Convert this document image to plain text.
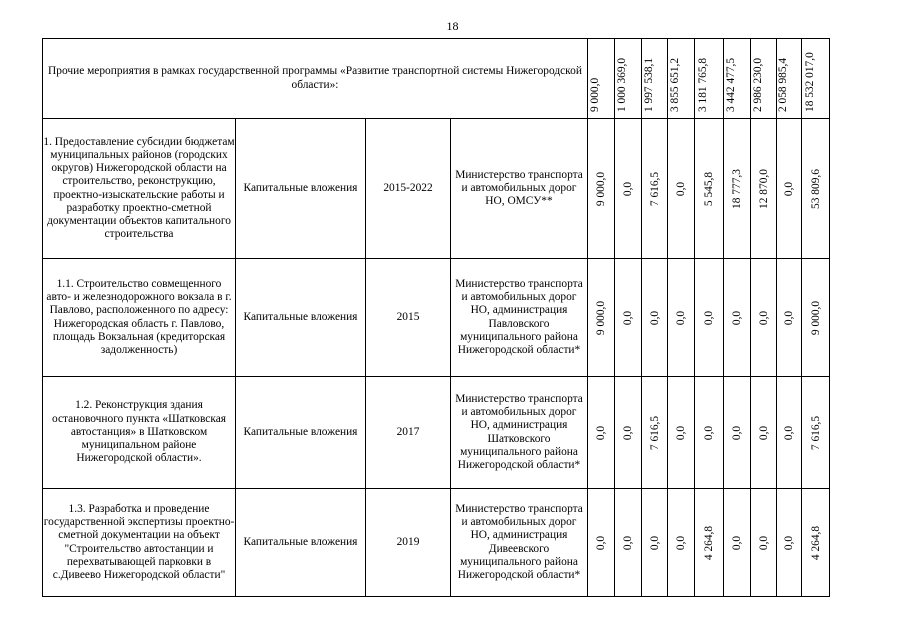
18
Прочие мероприятия в рамках государственной программы «Развитие транспортной системы Нижегородской области»:				9 000,0	1 000 369,0	1 997 538,1	3 855 651,2	3 181 765,8	3 442 477,5	2 986 230,0	2 058 985,4	18 532 017,0

1. Предоставление субсидии бюджетам муниципальных районов (городских округов) Нижегородской области на строительство, реконструкцию, проектно-изыскательские работы и разработку проектно-сметной документации объектов капитального строительства	Капитальные вложения	2015-2022	Министерство транспорта и автомобильных дорог НО, ОМСУ**	9 000,0	0,0	7 616,5	0,0	5 545,8	18 777,3	12 870,0	0,0	53 809,6

1.1. Строительство совмещенного авто- и железнодорожного вокзала в г. Павлово, расположенного по адресу: Нижегородская область г. Павлово, площадь Вокзальная (кредиторская задолженность)	Капитальные вложения	2015	Министерство транспорта и автомобильных дорог НО, администрация Павловского муниципального района Нижегородской области*	9 000,0	0,0	0,0	0,0	0,0	0,0	0,0	0,0	9 000,0

1.2. Реконструкция здания остановочного пункта «Шатковская автостанция» в Шатковском муниципальном районе Нижегородской области».	Капитальные вложения	2017	Министерство транспорта и автомобильных дорог НО, администрация Шатковского муниципального района Нижегородской области*	0,0	0,0	7 616,5	0,0	0,0	0,0	0,0	0,0	7 616,5

1.3. Разработка и проведение государственной экспертизы проектно-сметной документации на объект "Строительство автостанции и перехватывающей парковки в с.Дивеево Нижегородской области"	Капитальные вложения	2019	Министерство транспорта и автомобильных дорог НО, администрация Дивеевского муниципального района Нижегородской области*	0,0	0,0	0,0	0,0	4 264,8	0,0	0,0	0,0	4 264,8
